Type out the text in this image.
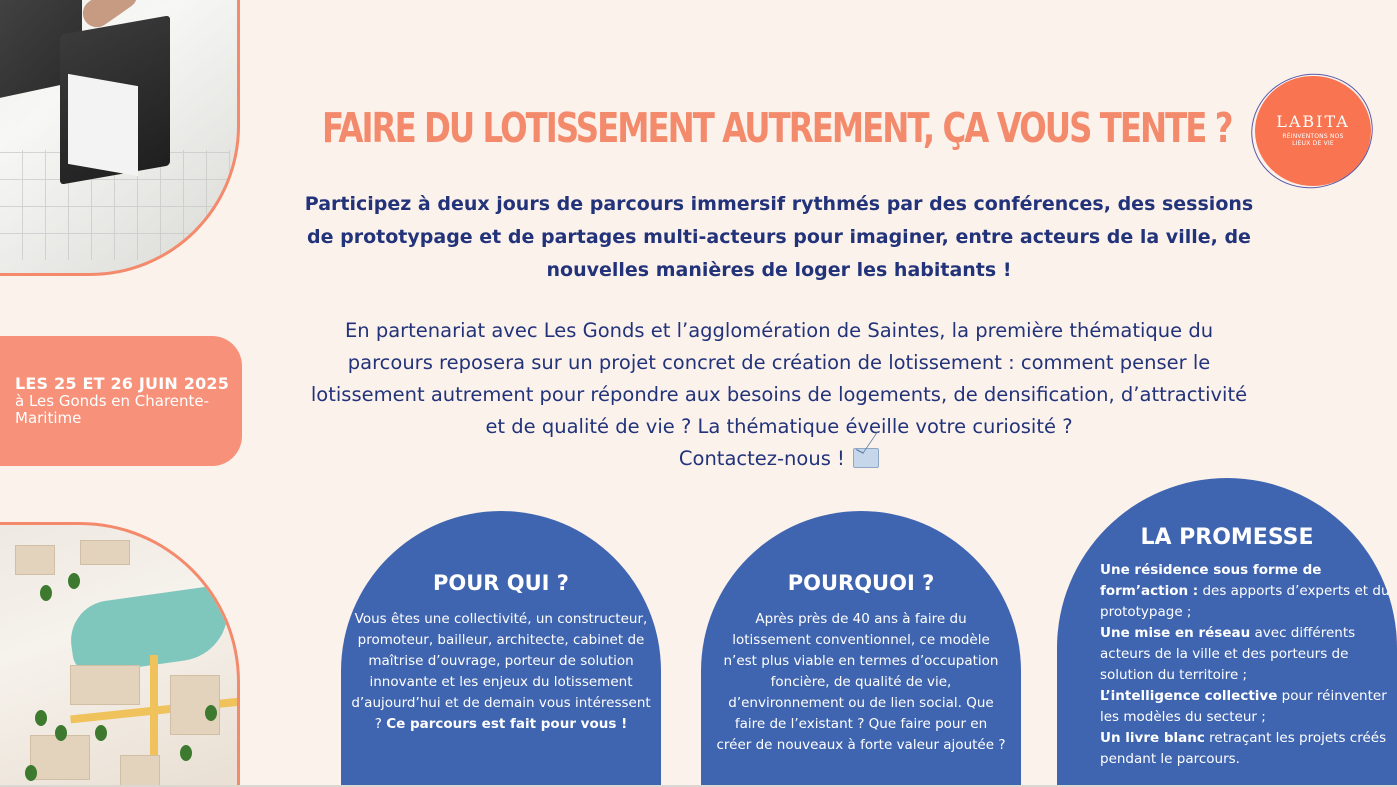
LES 25 ET 26 JUIN 2025
à Les Gonds en Charente-Maritime
FAIRE DU LOTISSEMENT AUTREMENT, ÇA VOUS TENTE ?	LABITA
RÉINVENTONS NOS LIEUX DE VIE

Participez à deux jours de parcours immersif rythmés par des conférences, des sessions de prototypage et de partages multi-acteurs pour imaginer, entre acteurs de la ville, de nouvelles manières de loger les habitants !

En partenariat avec Les Gonds et l’agglomération de Saintes, la première thématique du parcours reposera sur un projet concret de création de lotissement : comment penser le lotissement autrement pour répondre aux besoins de logements, de densification, d’attractivité et de qualité de vie ? La thématique éveille votre curiosité ?
Contactez-nous !

POUR QUI ?
Vous êtes une collectivité, un constructeur, promoteur, bailleur, architecte, cabinet de maîtrise d’ouvrage, porteur de solution innovante et les enjeux du lotissement d’aujourd’hui et de demain vous intéressent ? Ce parcours est fait pour vous !
POURQUOI ?
Après près de 40 ans à faire du lotissement conventionnel, ce modèle n’est plus viable en termes d’occupation foncière, de qualité de vie, d’environnement ou de lien social. Que faire de l’existant ? Que faire pour en créer de nouveaux à forte valeur ajoutée ?
LA PROMESSE
Une résidence sous forme de form’action : des apports d’experts et du prototypage ;
Une mise en réseau avec différents acteurs de la ville et des porteurs de solution du territoire ;
L’intelligence collective pour réinventer les modèles du secteur ;
Un livre blanc retraçant les projets créés pendant le parcours.
